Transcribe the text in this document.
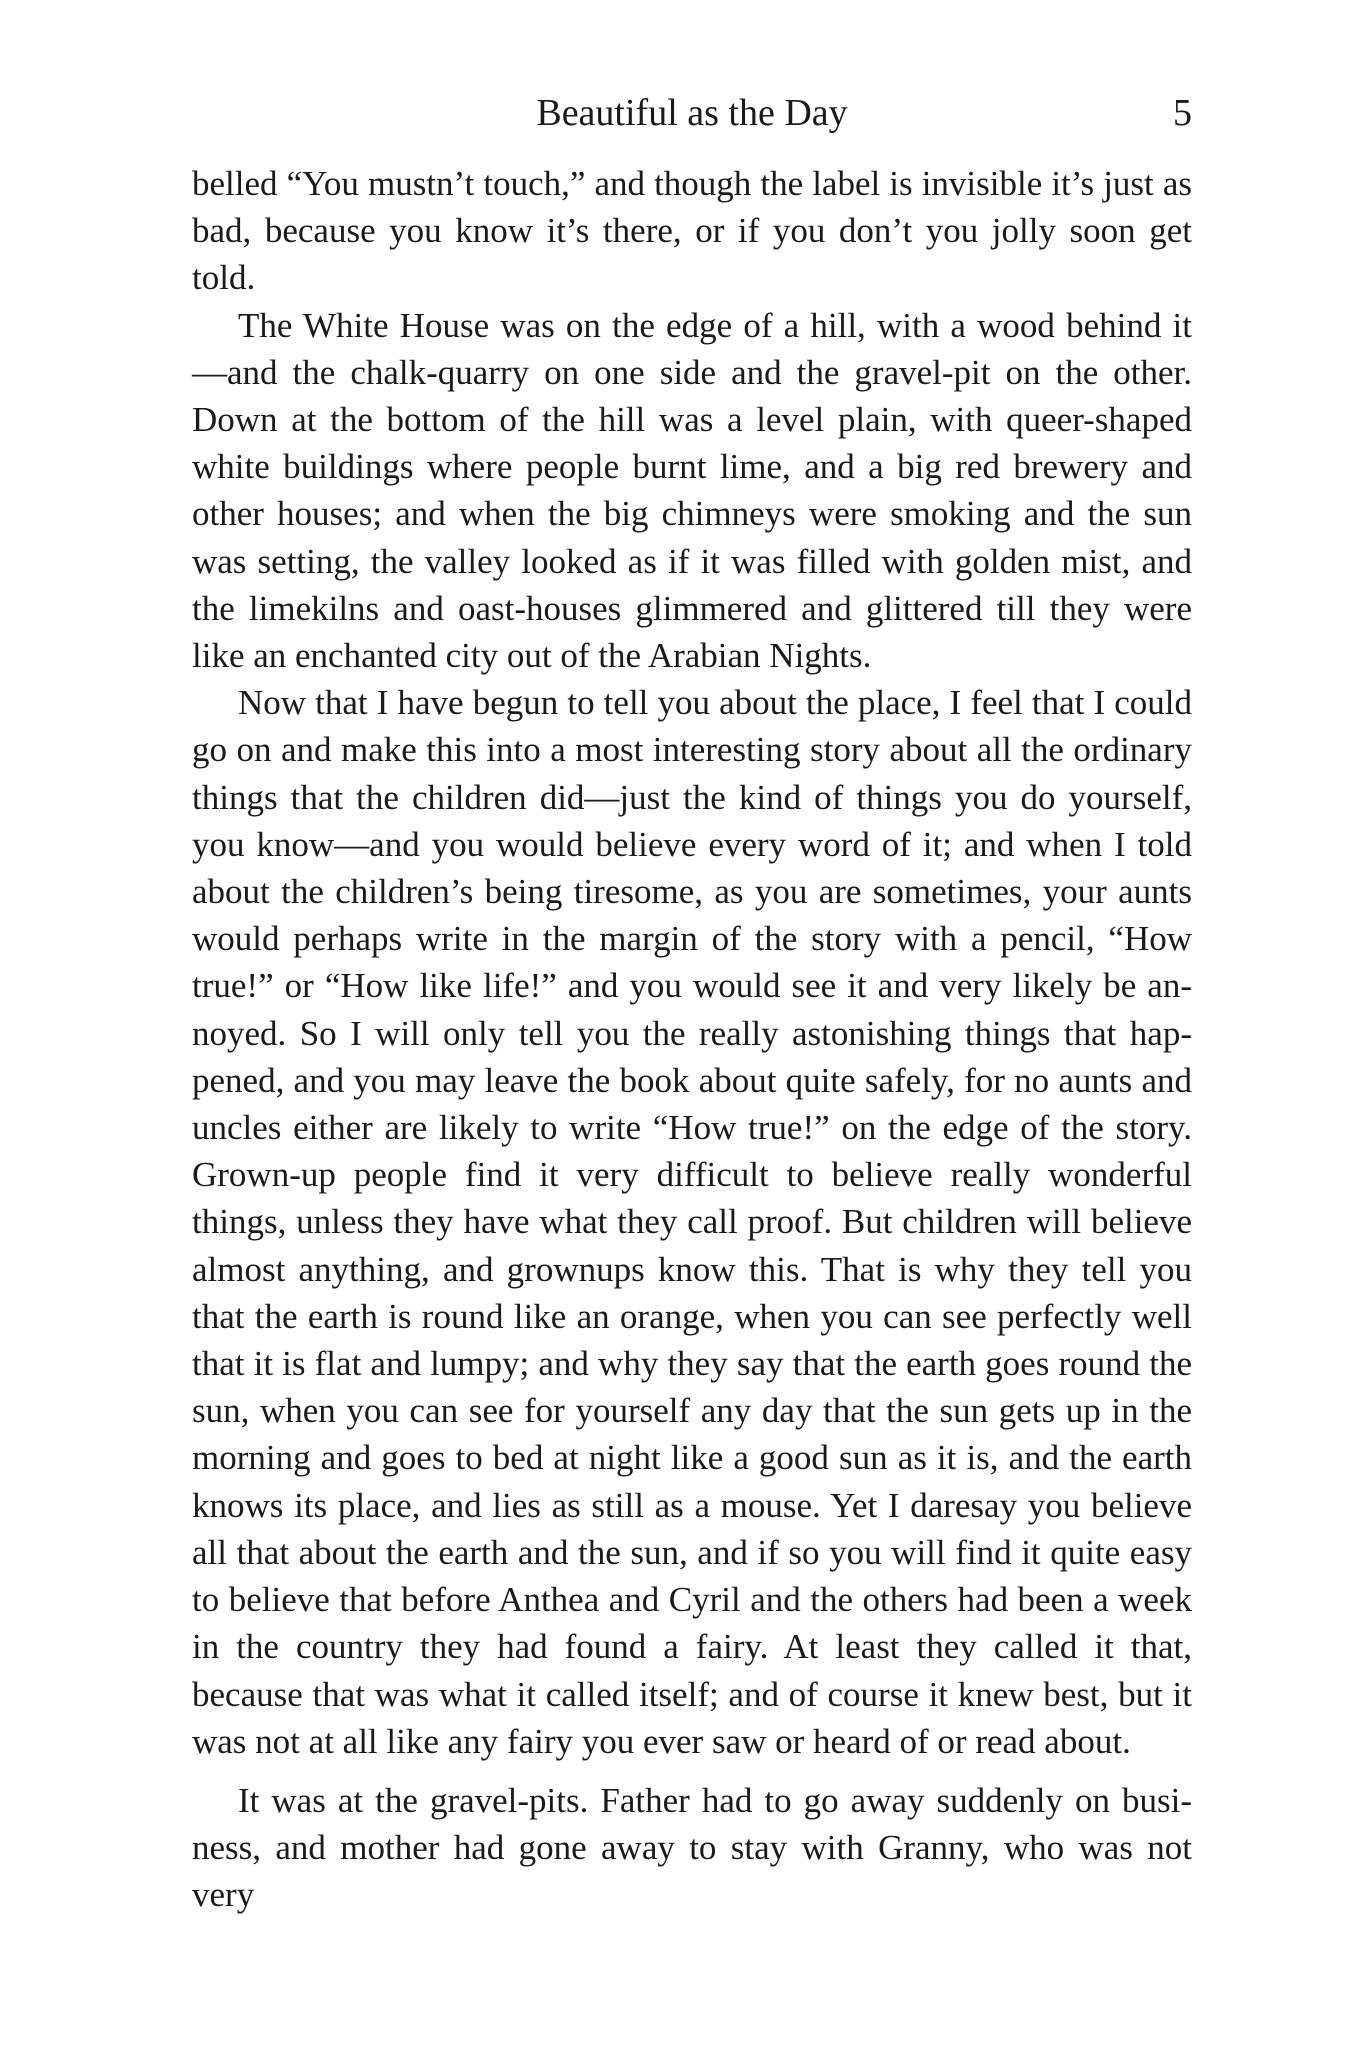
Beautiful as the Day	5

belled “You mustn’t touch,” and though the label is invisible it’s just as bad, because you know it’s there, or if you don’t you jolly soon get told.

The White House was on the edge of a hill, with a wood behind it—and the chalk-quarry on one side and the gravel-pit on the other. Down at the bottom of the hill was a level plain, with queer-shaped white buildings where people burnt lime, and a big red brewery and other houses; and when the big chimneys were smoking and the sun was setting, the valley looked as if it was filled with golden mist, and the limekilns and oast-houses glimmered and glittered till they were like an enchanted city out of the Arabian Nights.

Now that I have begun to tell you about the place, I feel that I could go on and make this into a most interesting story about all the ordinary things that the children did—just the kind of things you do yourself, you know—and you would believe every word of it; and when I told about the children’s being tiresome, as you are sometimes, your aunts would perhaps write in the margin of the story with a pencil, “How true!” or “How like life!” and you would see it and very likely be annoyed. So I will only tell you the really astonishing things that happened, and you may leave the book about quite safely, for no aunts and uncles either are likely to write “How true!” on the edge of the story. Grown-up people find it very difficult to believe really wonderful things, unless they have what they call proof. But children will believe almost anything, and grownups know this. That is why they tell you that the earth is round like an orange, when you can see perfectly well that it is flat and lumpy; and why they say that the earth goes round the sun, when you can see for yourself any day that the sun gets up in the morning and goes to bed at night like a good sun as it is, and the earth knows its place, and lies as still as a mouse. Yet I daresay you believe all that about the earth and the sun, and if so you will find it quite easy to believe that before Anthea and Cyril and the others had been a week in the country they had found a fairy. At least they called it that, because that was what it called itself; and of course it knew best, but it was not at all like any fairy you ever saw or heard of or read about.

It was at the gravel-pits. Father had to go away suddenly on business, and mother had gone away to stay with Granny, who was not very
